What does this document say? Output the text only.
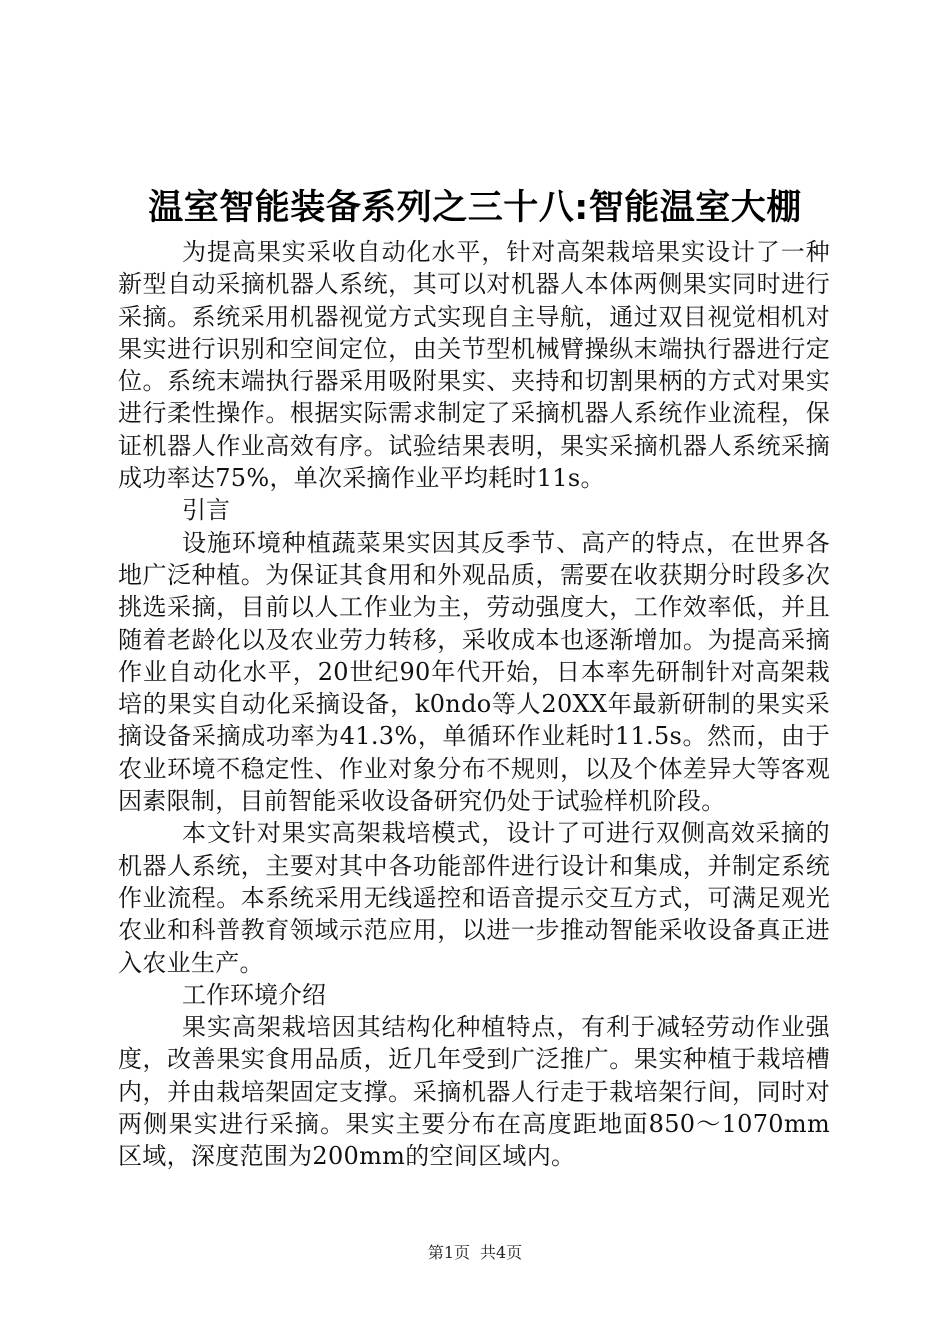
温室智能装备系列之三十八:智能温室大棚

为提高果实采收自动化水平，针对高架栽培果实设计了一种新型自动采摘机器人系统，其可以对机器人本体两侧果实同时进行采摘。系统采用机器视觉方式实现自主导航，通过双目视觉相机对果实进行识别和空间定位，由关节型机械臂操纵末端执行器进行定位。系统末端执行器采用吸附果实、夹持和切割果柄的方式对果实进行柔性操作。根据实际需求制定了采摘机器人系统作业流程，保证机器人作业高效有序。试验结果表明，果实采摘机器人系统采摘成功率达75%，单次采摘作业平均耗时11s。

引言

设施环境种植蔬菜果实因其反季节、高产的特点，在世界各地广泛种植。为保证其食用和外观品质，需要在收获期分时段多次挑选采摘，目前以人工作业为主，劳动强度大，工作效率低，并且随着老龄化以及农业劳力转移，采收成本也逐渐增加。为提高采摘作业自动化水平，20世纪90年代开始，日本率先研制针对高架栽培的果实自动化采摘设备，k0ndo等人20XX年最新研制的果实采摘设备采摘成功率为41.3%，单循环作业耗时11.5s。然而，由于农业环境不稳定性、作业对象分布不规则，以及个体差异大等客观因素限制，目前智能采收设备研究仍处于试验样机阶段。

本文针对果实高架栽培模式，设计了可进行双侧高效采摘的机器人系统，主要对其中各功能部件进行设计和集成，并制定系统作业流程。本系统采用无线遥控和语音提示交互方式，可满足观光农业和科普教育领域示范应用，以进一步推动智能采收设备真正进入农业生产。

工作环境介绍

果实高架栽培因其结构化种植特点，有利于减轻劳动作业强度，改善果实食用品质，近几年受到广泛推广。果实种植于栽培槽内，并由栽培架固定支撑。采摘机器人行走于栽培架行间，同时对两侧果实进行采摘。果实主要分布在高度距地面850～1070mm区域，深度范围为200mm的空间区域内。

第1页 共4页
